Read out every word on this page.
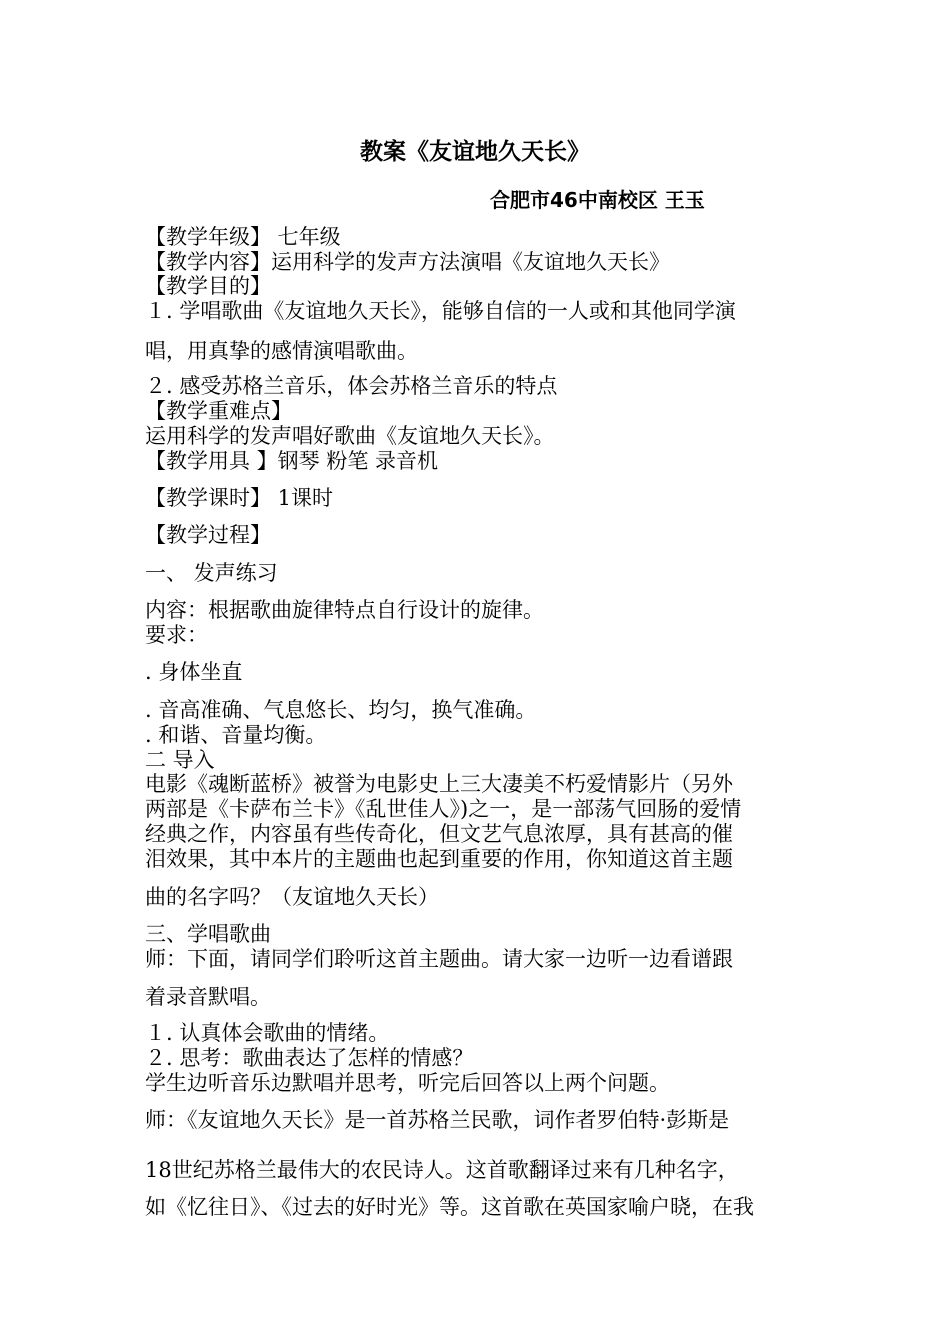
教案《友谊地久天长》
合肥市46中南校区 王玉
【教学年级】 七年级
【教学内容】运用科学的发声方法演唱《友谊地久天长》
【教学目的】
１. 学唱歌曲《友谊地久天长》，能够自信的一人或和其他同学演
唱，用真挚的感情演唱歌曲。
２. 感受苏格兰音乐，体会苏格兰音乐的特点
【教学重难点】
运用科学的发声唱好歌曲《友谊地久天长》。
【教学用具 】钢琴 粉笔 录音机
【教学课时】 1课时
【教学过程】
一、 发声练习
内容：根据歌曲旋律特点自行设计的旋律。
要求：
. 身体坐直
. 音高准确、气息悠长、均匀，换气准确。
. 和谐、音量均衡。
二 导入
电影《魂断蓝桥》被誉为电影史上三大凄美不朽爱情影片（另外
两部是《卡萨布兰卡》《乱世佳人》)之一，是一部荡气回肠的爱情
经典之作，内容虽有些传奇化，但文艺气息浓厚，具有甚高的催
泪效果，其中本片的主题曲也起到重要的作用，你知道这首主题
曲的名字吗？（友谊地久天长）
三、学唱歌曲
师：下面，请同学们聆听这首主题曲。请大家一边听一边看谱跟
着录音默唱。
１. 认真体会歌曲的情绪。
２. 思考：歌曲表达了怎样的情感？
学生边听音乐边默唱并思考，听完后回答以上两个问题。
师：《友谊地久天长》是一首苏格兰民歌，词作者罗伯特·彭斯是
18世纪苏格兰最伟大的农民诗人。这首歌翻译过来有几种名字，
如《忆往日》、《过去的好时光》等。这首歌在英国家喻户晓，在我
